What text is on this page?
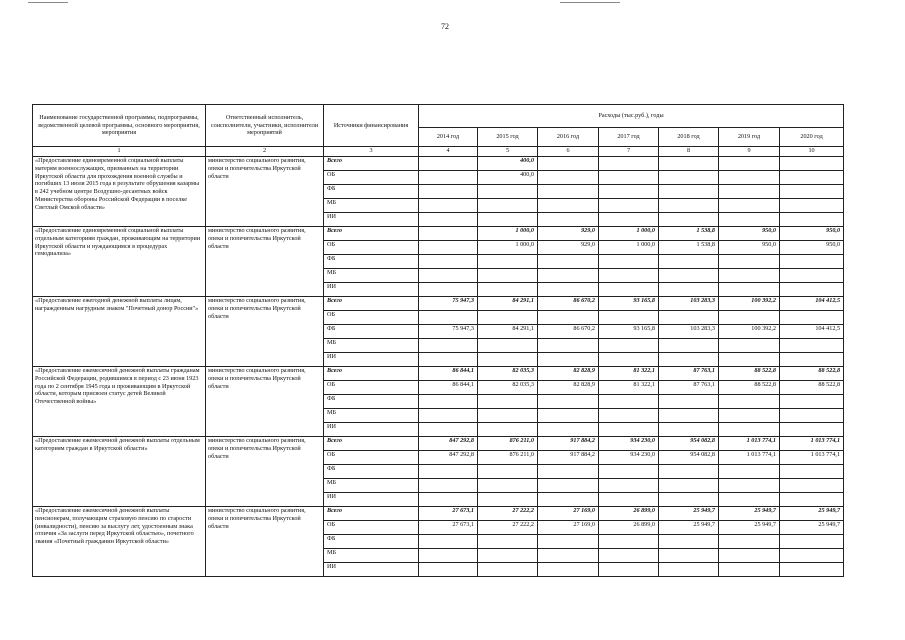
72
Наименование государственной программы, подпрограммы, ведомственной целевой программы, основного мероприятия, мероприятия	Ответственный исполнитель, соисполнители, участники, исполнители мероприятий	Источники финансирования	Расходы (тыс.руб.), годы						
			2014 год	2015 год	2016 год	2017 год	2018 год	2019 год	2020 год
1	2	3	4	5	6	7	8	9	10
«Предоставление единовременной социальной выплаты матерям военнослужащих, призванных на территории Иркутской области для прохождения военной службы и погибших 13 июля 2015 года в результате обрушения казармы в 242 учебном центре Воздушно-десантных войск Министерства обороны Российской Федерации в поселке Светлый Омской области»	министерство социального развития, опеки и попечительства Иркутской области	Всего		400,0					
		ОБ		400,0					
		ФБ							
		МБ							
		ИИ							
«Предоставление единовременной социальной выплаты отдельным категориям граждан, проживающим на территории Иркутской области и нуждающимся в процедурах гемодиализа»	министерство социального развития, опеки и попечительства Иркутской области	Всего		1 000,0	929,0	1 000,0	1 538,8	950,0	950,0
		ОБ		1 000,0	929,0	1 000,0	1 538,8	950,0	950,0
		ФБ							
		МБ							
		ИИ							
«Предоставление ежегодной денежной выплаты лицам, награжденным нагрудным знаком "Почетный донор России"»	министерство социального развития, опеки и попечительства Иркутской области	Всего	75 947,3	84 291,1	86 670,2	93 165,8	103 283,3	100 392,2	104 412,5
		ОБ							
		ФБ	75 947,3	84 291,1	86 670,2	93 165,8	103 283,3	100 392,2	104 412,5
		МБ							
		ИИ							
«Предоставление ежемесячной денежной выплаты гражданам Российской Федерации, родившимся в период с 23 июня 1923 года по 2 сентября 1945 года и проживающим в Иркутской области, которым присвоен статус детей Великой Отечественной войны»	министерство социального развития, опеки и попечительства Иркутской области	Всего	86 844,1	82 035,3	82 828,9	81 322,1	87 763,1	88 522,8	88 522,8
		ОБ	86 844,1	82 035,3	82 828,9	81 322,1	87 763,1	88 522,8	88 522,8
		ФБ							
		МБ							
		ИИ							
«Предоставление ежемесячной денежной выплаты отдельным категориям граждан в Иркутской области»	министерство социального развития, опеки и попечительства Иркутской области	Всего	847 292,8	876 211,0	917 884,2	934 230,0	954 082,8	1 013 774,1	1 013 774,1
		ОБ	847 292,8	876 211,0	917 884,2	934 230,0	954 082,8	1 013 774,1	1 013 774,1
		ФБ							
		МБ							
		ИИ							
«Предоставление ежемесячной денежной выплаты пенсионерам, получающим страховую пенсию по старости (инвалидности), пенсию за выслугу лет, удостоенным знака отличия «За заслуги перед Иркутской областью», почетного звания «Почетный гражданин Иркутской области»	министерство социального развития, опеки и попечительства Иркутской области	Всего	27 673,1	27 222,2	27 169,0	26 899,0	25 949,7	25 949,7	25 949,7
		ОБ	27 673,1	27 222,2	27 169,0	26 899,0	25 949,7	25 949,7	25 949,7
		ФБ							
		МБ							
		ИИ							
